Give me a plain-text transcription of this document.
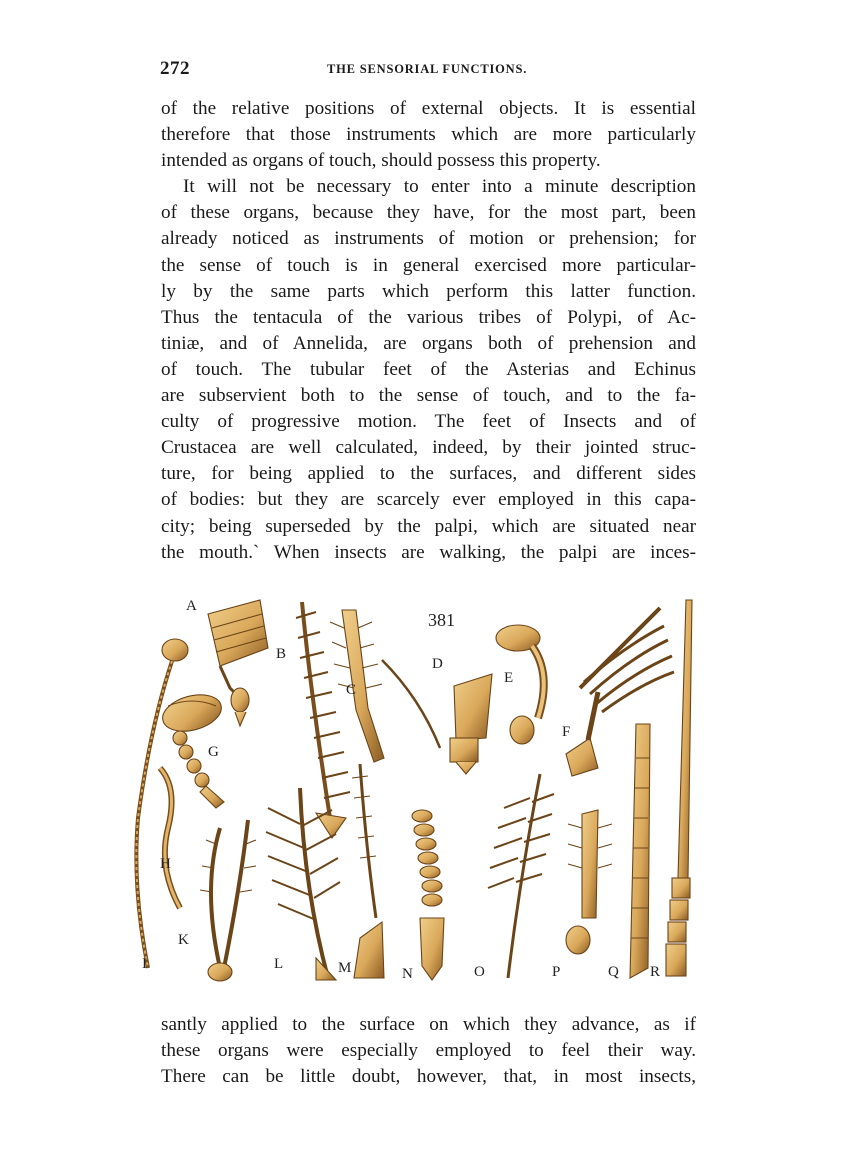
272	THE SENSORIAL FUNCTIONS.
of the relative positions of external objects. It is essential
therefore that those instruments which are more particularly
intended as organs of touch, should possess this property.
It will not be necessary to enter into a minute description
of these organs, because they have, for the most part, been
already noticed as instruments of motion or prehension; for
the sense of touch is in general exercised more particular-
ly by the same parts which perform this latter function.
Thus the tentacula of the various tribes of Polypi, of Ac-
tiniæ, and of Annelida, are organs both of prehension and
of touch. The tubular feet of the Asterias and Echinus
are subservient both to the sense of touch, and to the fa-
culty of progressive motion. The feet of Insects and of
Crustacea are well calculated, indeed, by their jointed struc-
ture, for being applied to the surfaces, and different sides
of bodies: but they are scarcely ever employed in this capa-
city; being superseded by the palpi, which are situated near
the mouth.` When insects are walking, the palpi are inces-
381
A
B
C
D
E
F
G
H
I
K
L	M	N	O	P	Q R
santly applied to the surface on which they advance, as if
these organs were especially employed to feel their way.
There can be little doubt, however, that, in most insects,
